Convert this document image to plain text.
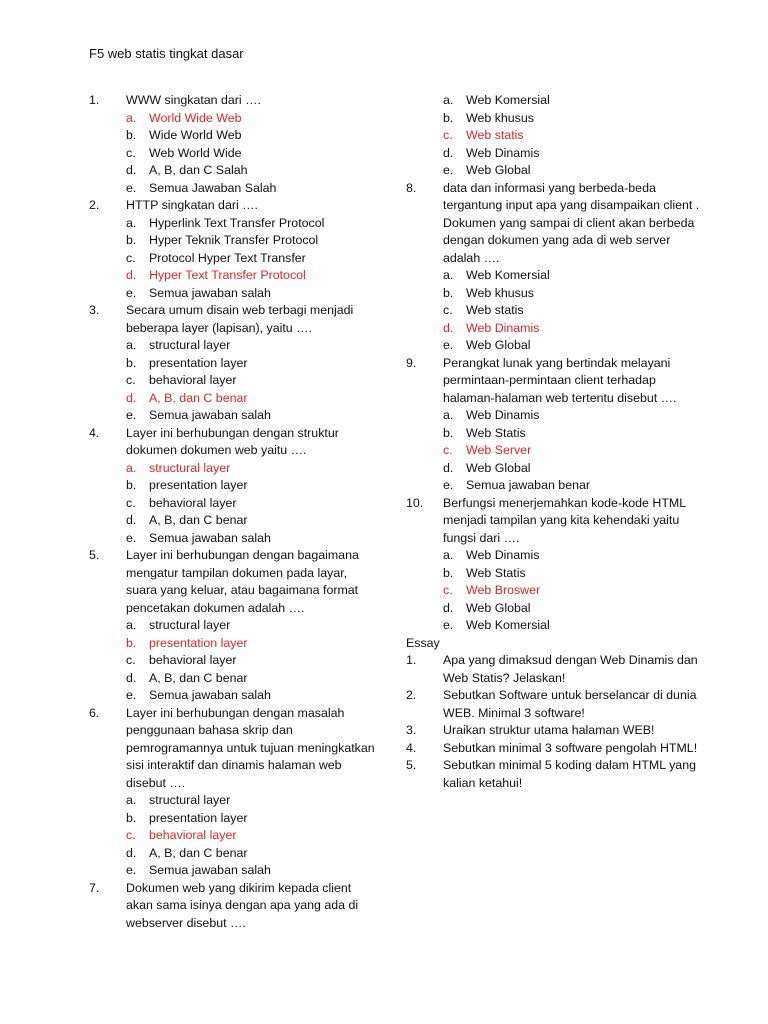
F5 web statis tingkat dasar
1. WWW singkatan dari ….
a. World Wide Web
b. Wide World Web
c. Web World Wide
d. A, B, dan C Salah
e. Semua Jawaban Salah
2. HTTP singkatan dari ….
a. Hyperlink Text Transfer Protocol
b. Hyper Teknik Transfer Protocol
c. Protocol Hyper Text Transfer
d. Hyper Text Transfer Protocol
e. Semua jawaban salah
3. Secara umum disain web terbagi menjadi beberapa layer (lapisan), yaitu ….
a. structural layer
b. presentation layer
c. behavioral layer
d. A, B, dan C benar
e. Semua jawaban salah
4. Layer ini berhubungan dengan struktur dokumen dokumen web yaitu ….
a. structural layer
b. presentation layer
c. behavioral layer
d. A, B, dan C benar
e. Semua jawaban salah
5. Layer ini berhubungan dengan bagaimana mengatur tampilan dokumen pada layar, suara yang keluar, atau bagaimana format pencetakan dokumen adalah ….
a. structural layer
b. presentation layer
c. behavioral layer
d. A, B, dan C benar
e. Semua jawaban salah
6. Layer ini berhubungan dengan masalah penggunaan bahasa skrip dan pemrogramannya untuk tujuan meningkatkan sisi interaktif dan dinamis halaman web disebut ….
a. structural layer
b. presentation layer
c. behavioral layer
d. A, B, dan C benar
e. Semua jawaban salah
7. Dokumen web yang dikirim kepada client akan sama isinya dengan apa yang ada di webserver disebut ….
a. Web Komersial
b. Web khusus
c. Web statis
d. Web Dinamis
e. Web Global
8. data dan informasi yang berbeda-beda tergantung input apa yang disampaikan client . Dokumen yang sampai di client akan berbeda dengan dokumen yang ada di web server adalah ….
a. Web Komersial
b. Web khusus
c. Web statis
d. Web Dinamis
e. Web Global
9. Perangkat lunak yang bertindak melayani permintaan-permintaan client terhadap halaman-halaman web tertentu disebut ….
a. Web Dinamis
b. Web Statis
c. Web Server
d. Web Global
e. Semua jawaban benar
10. Berfungsi menerjemahkan kode-kode HTML menjadi tampilan yang kita kehendaki yaitu fungsi dari ….
a. Web Dinamis
b. Web Statis
c. Web Broswer
d. Web Global
e. Web Komersial
Essay
1. Apa yang dimaksud dengan Web Dinamis dan Web Statis? Jelaskan!
2. Sebutkan Software untuk berselancar di dunia WEB. Minimal 3 software!
3. Uraikan struktur utama halaman WEB!
4. Sebutkan minimal 3 software pengolah HTML!
5. Sebutkan minimal 5 koding dalam HTML yang kalian ketahui!
